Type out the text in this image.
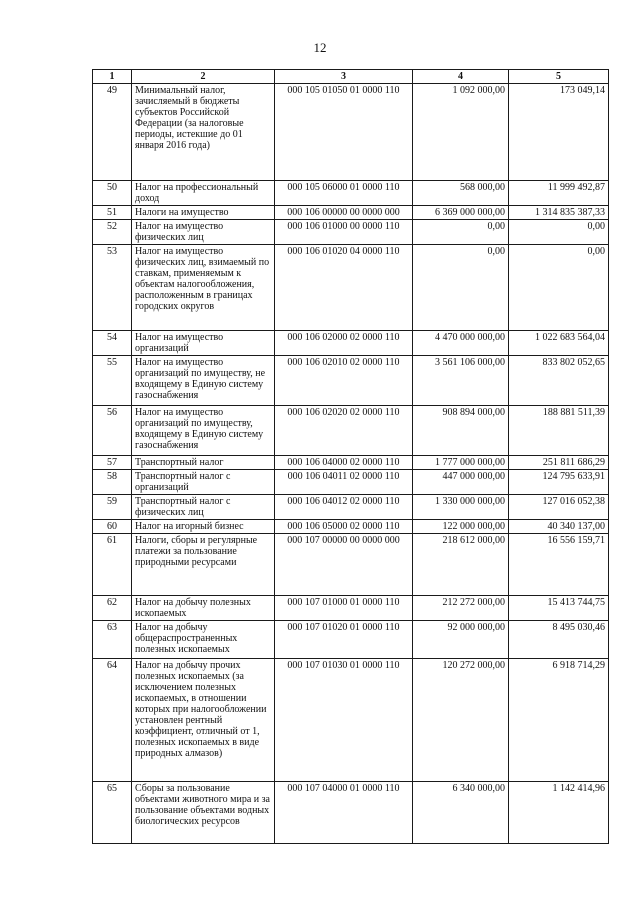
12
1	2	3	4	5
49	Минимальный налог, зачисляемый в бюджеты субъектов Российской Федерации (за налоговые периоды, истекшие до 01 января 2016 года)	000 105 01050 01 0000 110	1 092 000,00	173 049,14
50	Налог на профессиональный доход	000 105 06000 01 0000 110	568 000,00	11 999 492,87
51	Налоги на имущество	000 106 00000 00 0000 000	6 369 000 000,00	1 314 835 387,33
52	Налог на имущество физических лиц	000 106 01000 00 0000 110	0,00	0,00
53	Налог на имущество физических лиц, взимаемый по ставкам, применяемым к объектам налогообложения, расположенным в границах городских округов	000 106 01020 04 0000 110	0,00	0,00
54	Налог на имущество организаций	000 106 02000 02 0000 110	4 470 000 000,00	1 022 683 564,04
55	Налог на имущество организаций по имуществу, не входящему в Единую систему газоснабжения	000 106 02010 02 0000 110	3 561 106 000,00	833 802 052,65
56	Налог на имущество организаций по имуществу, входящему в Единую систему газоснабжения	000 106 02020 02 0000 110	908 894 000,00	188 881 511,39
57	Транспортный налог	000 106 04000 02 0000 110	1 777 000 000,00	251 811 686,29
58	Транспортный налог с организаций	000 106 04011 02 0000 110	447 000 000,00	124 795 633,91
59	Транспортный налог с физических лиц	000 106 04012 02 0000 110	1 330 000 000,00	127 016 052,38
60	Налог на игорный бизнес	000 106 05000 02 0000 110	122 000 000,00	40 340 137,00
61	Налоги, сборы и регулярные платежи за пользование природными ресурсами	000 107 00000 00 0000 000	218 612 000,00	16 556 159,71
62	Налог на добычу полезных ископаемых	000 107 01000 01 0000 110	212 272 000,00	15 413 744,75
63	Налог на добычу общераспространенных полезных ископаемых	000 107 01020 01 0000 110	92 000 000,00	8 495 030,46
64	Налог на добычу прочих полезных ископаемых (за исключением полезных ископаемых, в отношении которых при налогообложении установлен рентный коэффициент, отличный от 1, полезных ископаемых в виде природных алмазов)	000 107 01030 01 0000 110	120 272 000,00	6 918 714,29
65	Сборы за пользование объектами животного мира и за пользование объектами водных биологических ресурсов	000 107 04000 01 0000 110	6 340 000,00	1 142 414,96
